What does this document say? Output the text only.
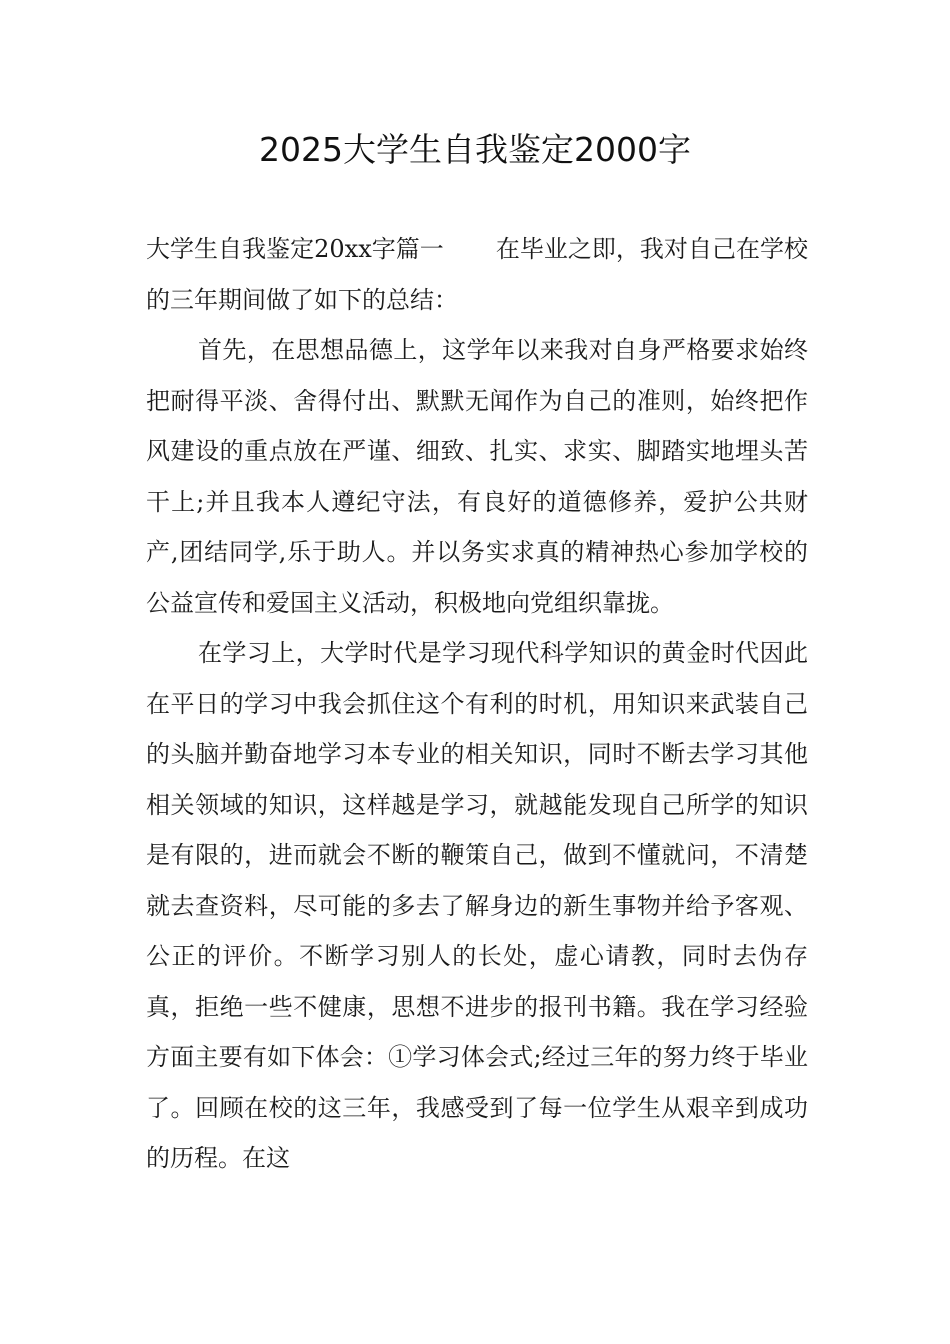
2025大学生自我鉴定2000字

大学生自我鉴定20xx字篇一 在毕业之即，我对自己在学校的三年期间做了如下的总结：

首先，在思想品德上，这学年以来我对自身严格要求始终把耐得平淡、舍得付出、默默无闻作为自己的准则，始终把作风建设的重点放在严谨、细致、扎实、求实、脚踏实地埋头苦干上;并且我本人遵纪守法，有良好的道德修养，爱护公共财产,团结同学,乐于助人。并以务实求真的精神热心参加学校的公益宣传和爱国主义活动，积极地向党组织靠拢。

在学习上，大学时代是学习现代科学知识的黄金时代因此在平日的学习中我会抓住这个有利的时机，用知识来武装自己的头脑并勤奋地学习本专业的相关知识，同时不断去学习其他相关领域的知识，这样越是学习，就越能发现自己所学的知识是有限的，进而就会不断的鞭策自己，做到不懂就问，不清楚就去查资料，尽可能的多去了解身边的新生事物并给予客观、公正的评价。不断学习别人的长处，虚心请教，同时去伪存真，拒绝一些不健康，思想不进步的报刊书籍。我在学习经验方面主要有如下体会：①学习体会式;经过三年的努力终于毕业了。回顾在校的这三年，我感受到了每一位学生从艰辛到成功的历程。在这
